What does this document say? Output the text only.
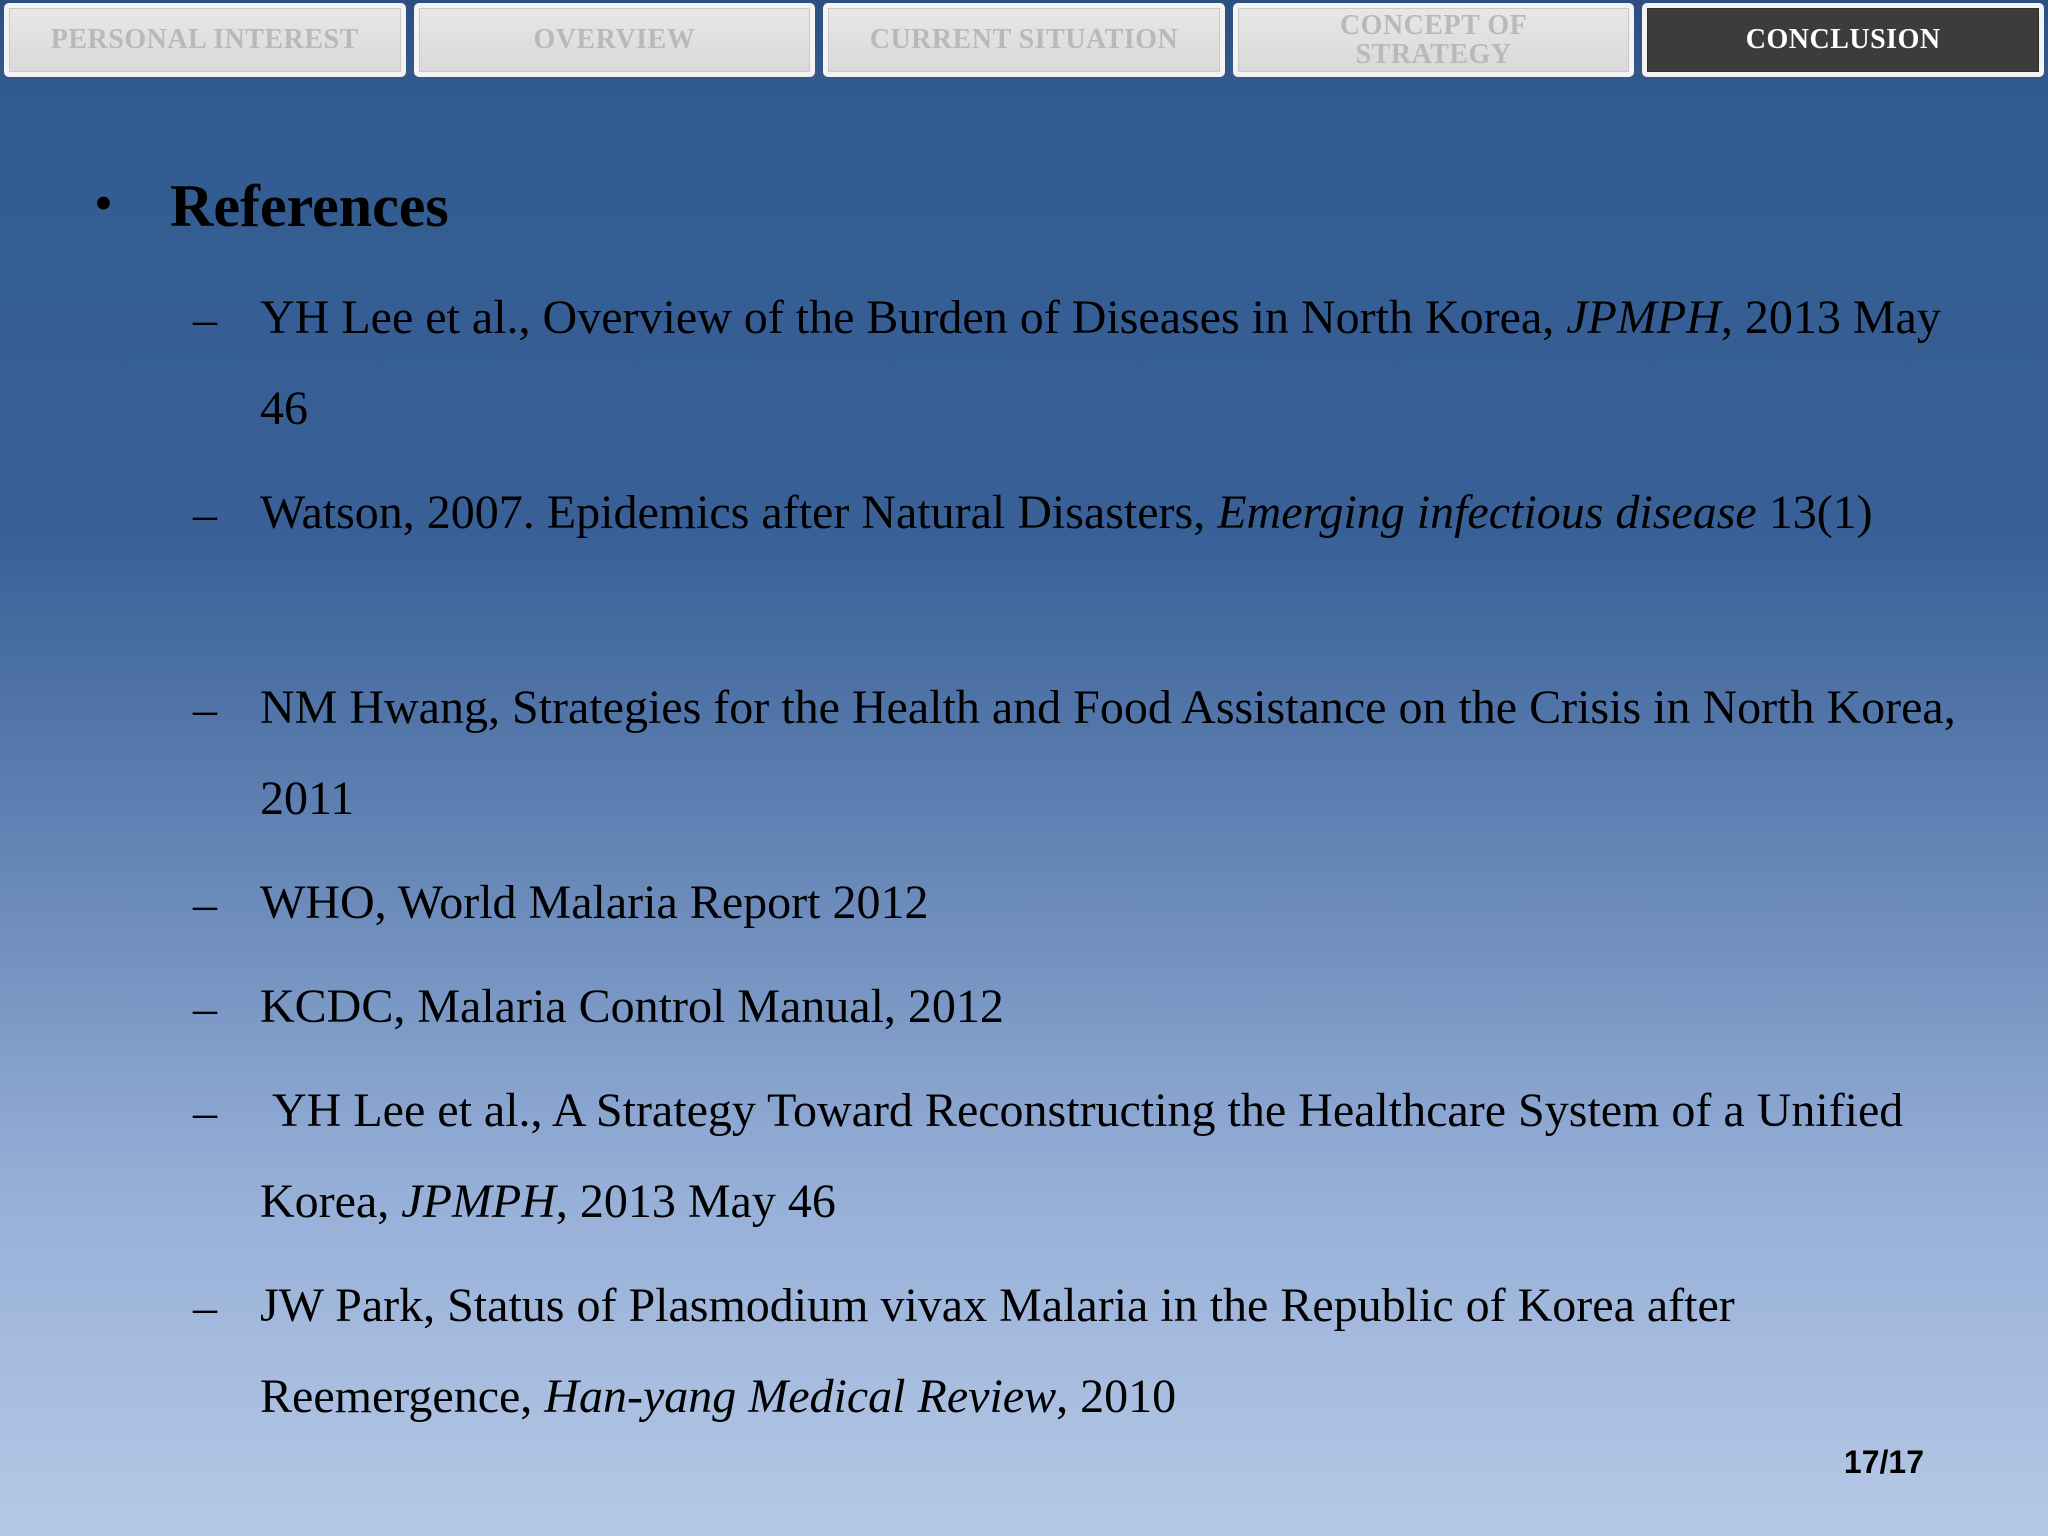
PERSONAL INTEREST	OVERVIEW	CURRENT SITUATION	CONCEPT OF STRATEGY	CONCLUSION
• References
– YH Lee et al., Overview of the Burden of Diseases in North Korea, JPMPH, 2013 May 46
– Watson, 2007. Epidemics after Natural Disasters, Emerging infectious disease 13(1)
– NM Hwang, Strategies for the Health and Food Assistance on the Crisis in North Korea, 2011
– WHO, World Malaria Report 2012
– KCDC, Malaria Control Manual, 2012
– YH Lee et al., A Strategy Toward Reconstructing the Healthcare System of a Unified Korea, JPMPH, 2013 May 46
– JW Park, Status of Plasmodium vivax Malaria in the Republic of Korea after Reemergence, Han-yang Medical Review, 2010
17/17
